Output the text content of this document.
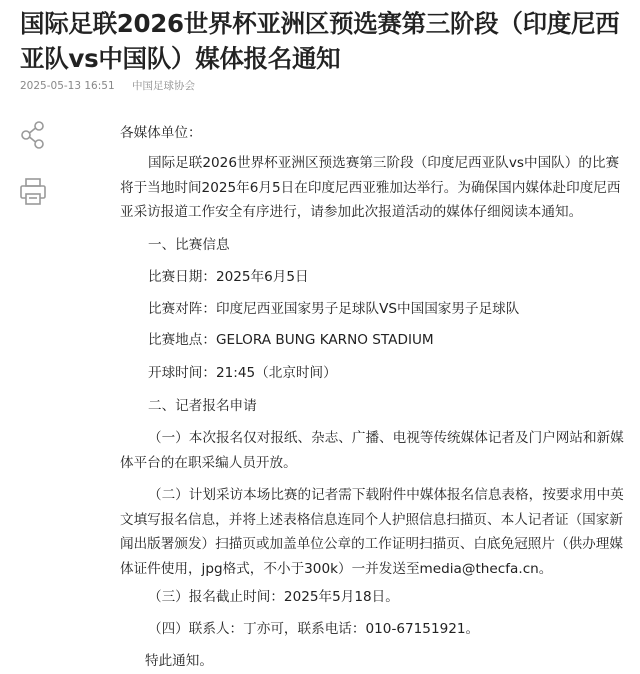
国际足联2026世界杯亚洲区预选赛第三阶段（印度尼西
亚队vs中国队）媒体报名通知
2025-05-13 16:51 中国足球协会
各媒体单位：
国际足联2026世界杯亚洲区预选赛第三阶段（印度尼西亚队vs中国队）的比赛
将于当地时间2025年6月5日在印度尼西亚雅加达举行。为确保国内媒体赴印度尼西
亚采访报道工作安全有序进行，请参加此次报道活动的媒体仔细阅读本通知。
一、比赛信息
比赛日期：2025年6月5日
比赛对阵：印度尼西亚国家男子足球队VS中国国家男子足球队
比赛地点：GELORA BUNG KARNO STADIUM
开球时间：21:45（北京时间）
二、记者报名申请
（一）本次报名仅对报纸、杂志、广播、电视等传统媒体记者及门户网站和新媒
体平台的在职采编人员开放。
（二）计划采访本场比赛的记者需下载附件中媒体报名信息表格，按要求用中英
文填写报名信息，并将上述表格信息连同个人护照信息扫描页、本人记者证（国家新
闻出版署颁发）扫描页或加盖单位公章的工作证明扫描页、白底免冠照片（供办理媒
体证件使用，jpg格式，不小于300k）一并发送至media@thecfa.cn。
（三）报名截止时间：2025年5月18日。
（四）联系人：丁亦可，联系电话：010-67151921。
特此通知。
